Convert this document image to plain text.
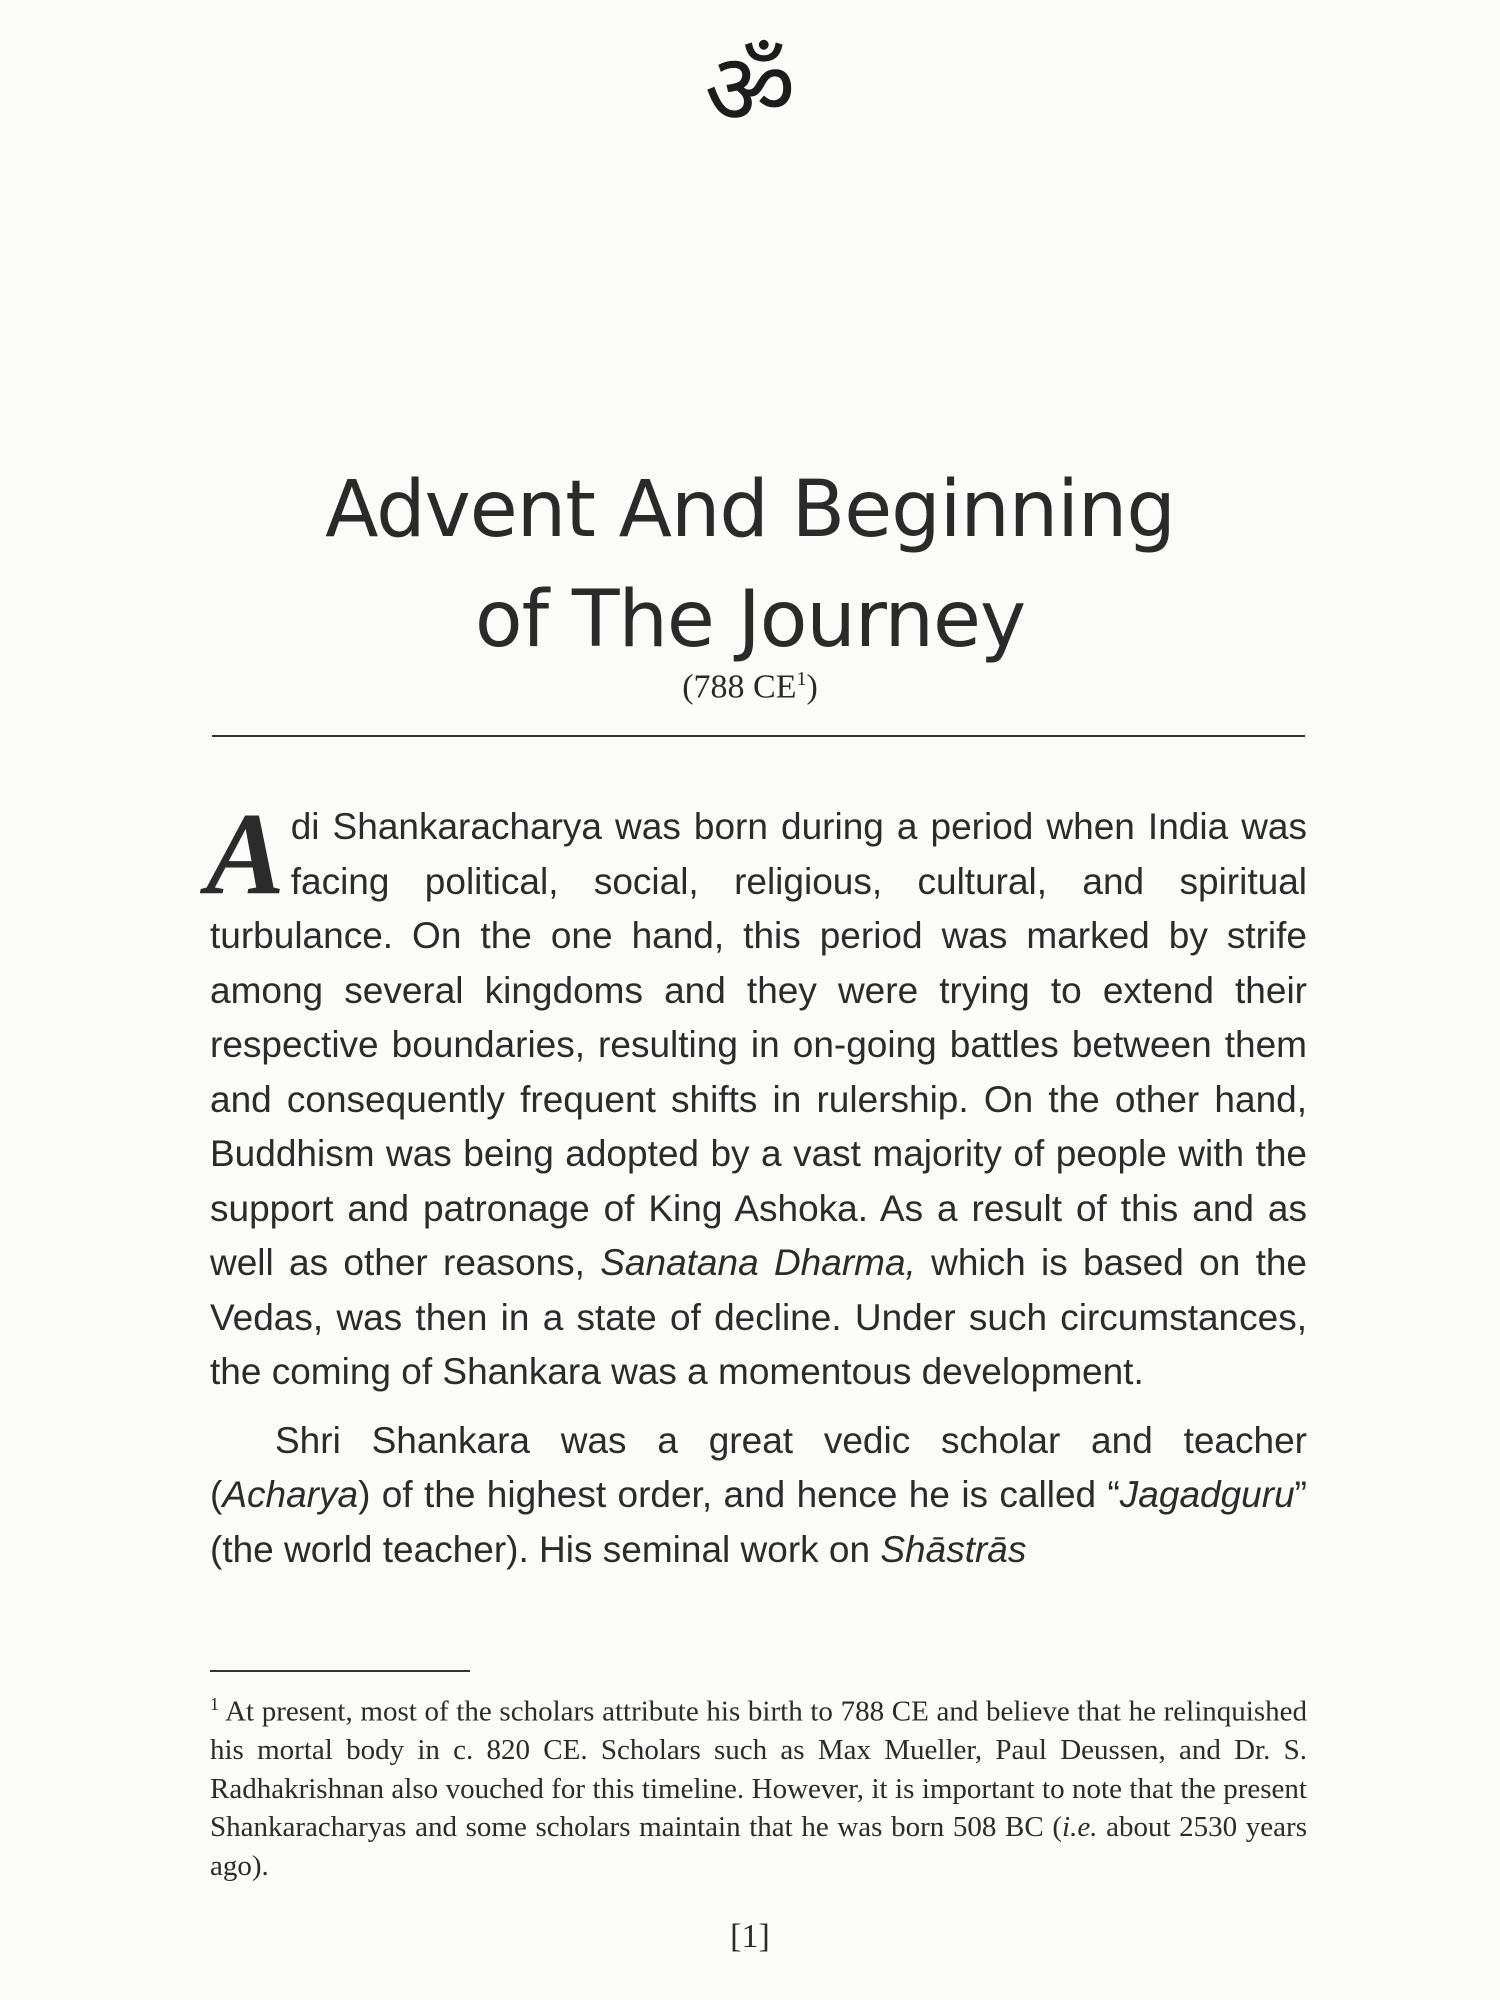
ॐ
Advent And Beginning
of The Journey
(788 $CE^1$)

Adi Shankaracharya was born during a period when India was facing political, social, religious, cultural, and spiritual turbulance. On the one hand, this period was marked by strife among several kingdoms and they were trying to extend their respective boundaries, resulting in on-going battles between them and consequently frequent shifts in rulership. On the other hand, Buddhism was being adopted by a vast majority of people with the support and patronage of King Ashoka. As a result of this and as well as other reasons, Sanatana Dharma, which is based on the Vedas, was then in a state of decline. Under such circumstances, the coming of Shankara was a momentous development.

Shri Shankara was a great vedic scholar and teacher (Acharya) of the highest order, and hence he is called “Jagadguru” (the world teacher). His seminal work on Shāstrās

$^1$ At present, most of the scholars attribute his birth to 788 CE and believe that he relinquished his mortal body in c. 820 CE. Scholars such as Max Mueller, Paul Deussen, and Dr. S. Radhakrishnan also vouched for this timeline. However, it is important to note that the present Shankaracharyas and some scholars maintain that he was born 508 BC (i.e. about 2530 years ago).

[1]
